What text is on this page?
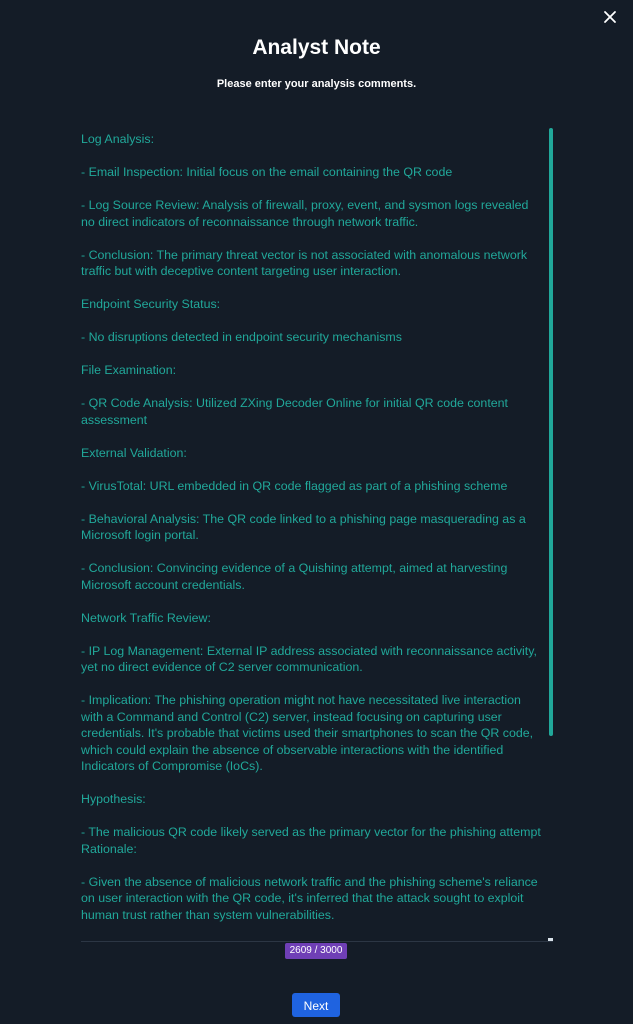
Analyst Note
Please enter your analysis comments.

Log Analysis:

- Email Inspection: Initial focus on the email containing the QR code

- Log Source Review: Analysis of firewall, proxy, event, and sysmon logs revealed no direct indicators of reconnaissance through network traffic.

- Conclusion: The primary threat vector is not associated with anomalous network traffic but with deceptive content targeting user interaction.

Endpoint Security Status:

- No disruptions detected in endpoint security mechanisms

File Examination:

- QR Code Analysis: Utilized ZXing Decoder Online for initial QR code content assessment

External Validation:

- VirusTotal: URL embedded in QR code flagged as part of a phishing scheme

- Behavioral Analysis: The QR code linked to a phishing page masquerading as a Microsoft login portal.

- Conclusion: Convincing evidence of a Quishing attempt, aimed at harvesting Microsoft account credentials.

Network Traffic Review:

- IP Log Management: External IP address associated with reconnaissance activity, yet no direct evidence of C2 server communication.

- Implication: The phishing operation might not have necessitated live interaction with a Command and Control (C2) server, instead focusing on capturing user credentials. It's probable that victims used their smartphones to scan the QR code, which could explain the absence of observable interactions with the identified Indicators of Compromise (IoCs).

Hypothesis:

- The malicious QR code likely served as the primary vector for the phishing attempt Rationale:

- Given the absence of malicious network traffic and the phishing scheme's reliance on user interaction with the QR code, it's inferred that the attack sought to exploit human trust rather than system vulnerabilities.

2609 / 3000
Next
